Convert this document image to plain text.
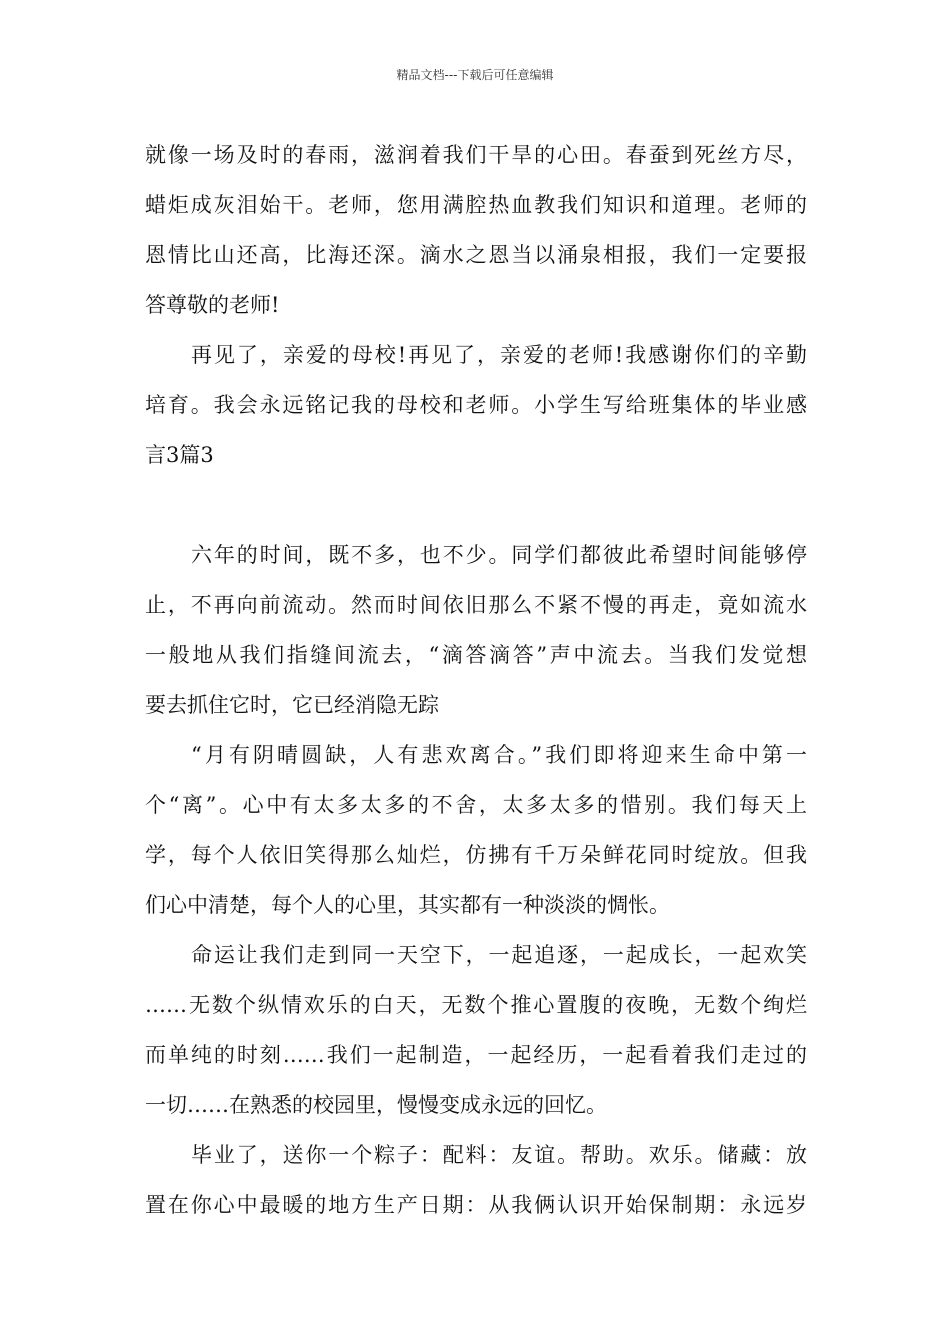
精品文档---下载后可任意编辑
就像一场及时的春雨，滋润着我们干旱的心田。春蚕到死丝方尽，
蜡炬成灰泪始干。老师，您用满腔热血教我们知识和道理。老师的
恩情比山还高，比海还深。滴水之恩当以涌泉相报，我们一定要报
答尊敬的老师!
再见了，亲爱的母校!再见了，亲爱的老师!我感谢你们的辛勤
培育。我会永远铭记我的母校和老师。小学生写给班集体的毕业感
言3篇3
六年的时间，既不多，也不少。同学们都彼此希望时间能够停
止，不再向前流动。然而时间依旧那么不紧不慢的再走，竟如流水
一般地从我们指缝间流去，“滴答滴答”声中流去。当我们发觉想
要去抓住它时，它已经消隐无踪
“月有阴晴圆缺，人有悲欢离合。”我们即将迎来生命中第一
个“离”。心中有太多太多的不舍，太多太多的惜别。我们每天上
学，每个人依旧笑得那么灿烂，仿拂有千万朵鲜花同时绽放。但我
们心中清楚，每个人的心里，其实都有一种淡淡的惆怅。
命运让我们走到同一天空下，一起追逐，一起成长，一起欢笑
……无数个纵情欢乐的白天，无数个推心置腹的夜晚，无数个绚烂
而单纯的时刻……我们一起制造，一起经历，一起看着我们走过的
一切……在熟悉的校园里，慢慢变成永远的回忆。
毕业了，送你一个粽子：配料：友谊。帮助。欢乐。储藏：放
置在你心中最暖的地方生产日期：从我俩认识开始保制期：永远岁
